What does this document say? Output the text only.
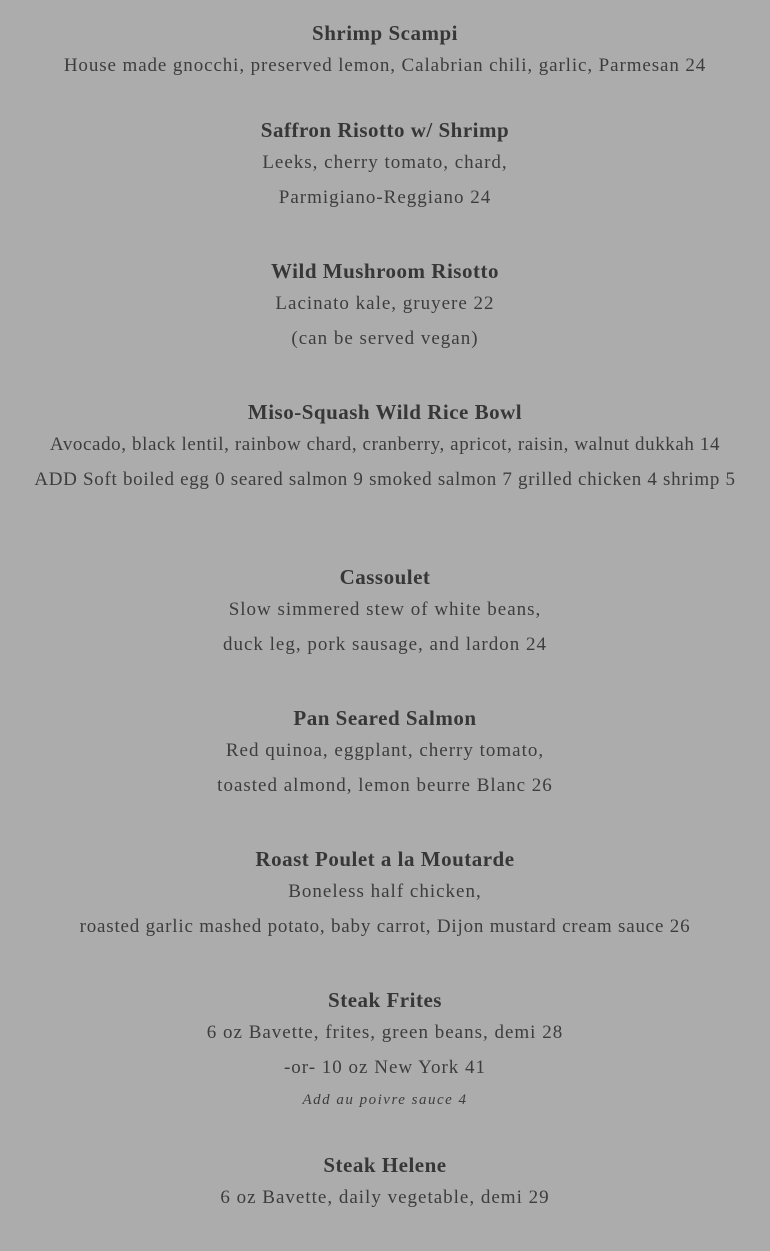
Shrimp Scampi
House made gnocchi, preserved lemon, Calabrian chili, garlic, Parmesan 24
Saffron Risotto w/ Shrimp
Leeks, cherry tomato, chard,
Parmigiano-Reggiano 24
Wild Mushroom Risotto
Lacinato kale, gruyere 22
(can be served vegan)
Miso-Squash Wild Rice Bowl
Avocado, black lentil, rainbow chard, cranberry, apricot, raisin, walnut dukkah 14
ADD Soft boiled egg 0 seared salmon 9 smoked salmon 7 grilled chicken 4 shrimp 5
Cassoulet
Slow simmered stew of white beans,
duck leg, pork sausage, and lardon 24
Pan Seared Salmon
Red quinoa, eggplant, cherry tomato,
toasted almond, lemon beurre Blanc 26
Roast Poulet a la Moutarde
Boneless half chicken,
roasted garlic mashed potato, baby carrot, Dijon mustard cream sauce 26
Steak Frites
6 oz Bavette, frites, green beans, demi 28
-or- 10 oz New York 41
Add au poivre sauce 4
Steak Helene
6 oz Bavette, daily vegetable, demi 29
